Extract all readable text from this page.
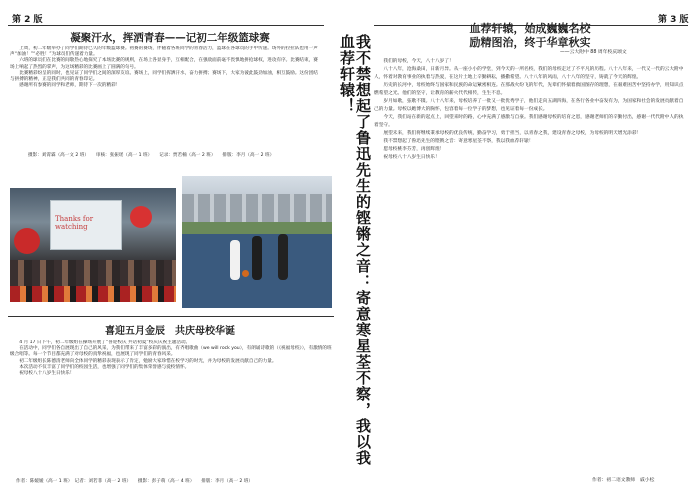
第 2 版
凝聚汗水，挥洒青春——记初二年级篮球赛
　　上周，初二年级举办了同学们期待已久的年级篮球赛。初赛的赛场，伴随着各班同学的青春活力，篮球在各球员的手中传递。场外的拉拉队也用一声声“加油！”“必胜！”为球员们传递着力量。
　　六班的球员们在比赛的间歇热心地探究了本场比赛的规则，在场上各显身手，互相配合，在强敌面前毫不畏惧地拼抢球权，进攻有序。比赛结束，赛场上响起了热烈的掌声，为这场精彩的比赛画上了圆满的句号。
　　比赛精彩纷呈的同时，也见证了同学们之间的深厚友谊。赛场上，同学们挥洒汗水，奋力拼搏；赛场下，大家为彼此鼓劲加油，相互鼓励。这份团结与拼搏的精神，正是我们共同的青春印记。
　　感谢所有参赛的同学和老师，期待下一次的精彩！
摄影：刘霄霖（高一文 2 班）　　审核：张振瑶（高一 1 班）　　记录：贾若楠（高一 2 班）　　排版：李月（高一 2 班）
Thanks for watching
喜迎五月金辰　共庆母校华诞
　　4 月 17 日下午，初二年级组在操场开展了“喜迎校庆 共话初夏”校庆庆祝主题活动。
　　在活动中，同学们各自展现出了自己的风采，为我们带来了丰富多彩的演出，有齐唱歌曲（we will rock you），有朗诵诗歌的（《祝福母校》），有激情的班级合唱等。每一个节目都充满了对母校的真挚祝福，也展现了同学们的青春风采。
　　初二年级组长陈德清老师向全体同学的精彩表现表示了肯定，勉励大家珍惜在校学习的时光，并为母校的发展贡献自己的力量。
　　本次活动不仅丰富了同学们的校园生活，也增强了同学们的集体荣誉感与爱校情怀。
　　祝母校八十八岁生日快乐！
作者：陈媛媛（高一 1 班）　记者：刘若菲（高一 2 班）　　摄影：彭子萌（高一 4 班）　　排版：李月（高一 2 班）
我不禁想起了鲁迅先生的铿锵之音：寄意寒星荃不察，我以我血荐轩辕！
第 3 版
血荐轩辕，始成巍巍名校
励精图治，终于华章秋实
——云大附中 88 周年校庆颂文
　　我们的母校，今天，八十八岁了！
　　八十八年，沧海桑田，日新月异。从一座小小的学堂，到今天的一所名校，我们的母校走过了不平凡的历程。八十八年来，一代又一代的云大附中人，怀着对教育事业的执着与热爱，在这片土地上辛勤耕耘，播撒希望。八十八年的风雨，八十八年的坚守，铸就了今天的辉煌。
　　历史的长河中，母校始终与国家和民族的命运紧密相连。在那战火纷飞的年代，先辈们怀揣着救国图存的理想，在艰难困苦中坚持办学，用知识点燃希望之光。他们的坚守，让教育的薪火代代相传，生生不息。
　　岁月如歌，弦歌不辍。八十八年来，母校培养了一批又一批优秀学子，他们走向五湖四海，在各行各业中奋发有为，为国家和社会的发展贡献着自己的力量。母校以她博大的胸怀，包容着每一位学子的梦想，也见证着每一份成长。
　　今天，我们站在新的起点上，回望来时的路，心中充满了感激与自豪。我们感谢母校的培育之恩，感谢老师们的辛勤付出，感谢一代代附中人的执着坚守。
　　展望未来，我们将继续秉承母校的优良传统，勤奋学习，勇于担当，以青春之我，建设青春之母校，为母校的明天增光添彩！
　　我不禁想起了鲁迅先生的铿锵之音：寄意寒星荃不察，我以我血荐轩辕！
　　愿母校桃李芬芳，再创辉煌！
　　祝母校八十八岁生日快乐！
作者：初二语文教师　戚小松
